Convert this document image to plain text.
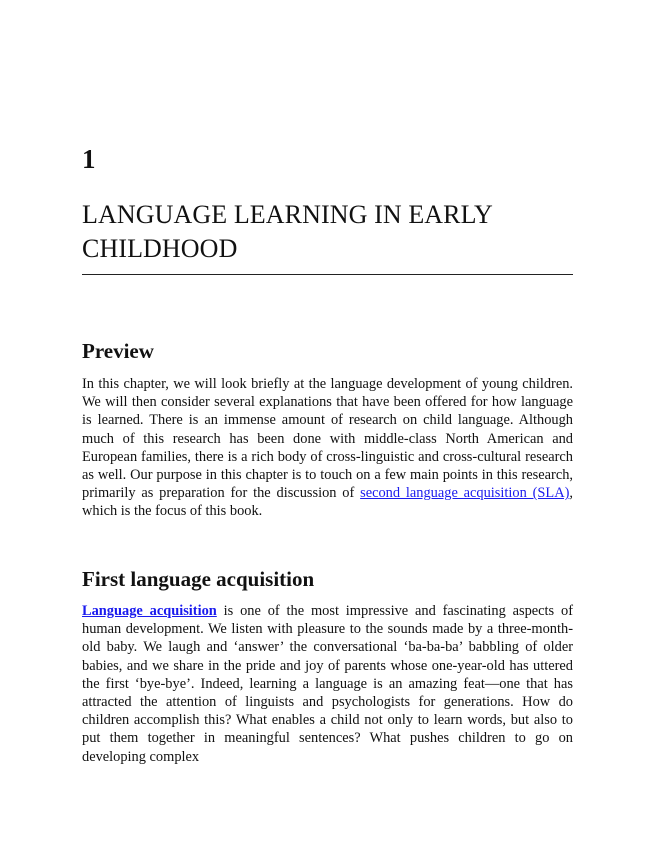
1
LANGUAGE LEARNING IN EARLY CHILDHOOD
Preview

In this chapter, we will look briefly at the language development of young children. We will then consider several explanations that have been offered for how language is learned. There is an immense amount of research on child language. Although much of this research has been done with middle-class North American and European families, there is a rich body of cross-linguistic and cross-cultural research as well. Our purpose in this chapter is to touch on a few main points in this research, primarily as preparation for the discussion of second language acquisition (SLA), which is the focus of this book.

First language acquisition

Language acquisition is one of the most impressive and fascinating aspects of human development. We listen with pleasure to the sounds made by a three-month-old baby. We laugh and ‘answer’ the conversational ‘ba-ba-ba’ babbling of older babies, and we share in the pride and joy of parents whose one-year-old has uttered the first ‘bye-bye’. Indeed, learning a language is an amazing feat—one that has attracted the attention of linguists and psychologists for generations. How do children accomplish this? What enables a child not only to learn words, but also to put them together in meaningful sentences? What pushes children to go on developing complex
